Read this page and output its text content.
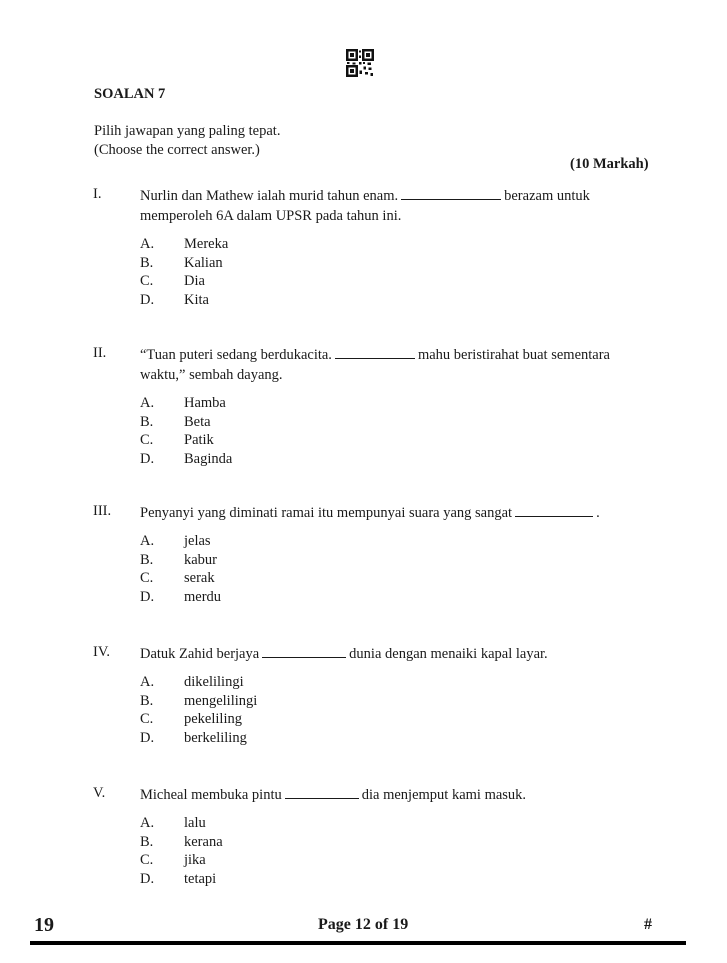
SOALAN 7
Pilih jawapan yang paling tepat.
(Choose the correct answer.)
(10 Markah)
I.	Nurlin dan Mathew ialah murid tahun enam.	berazam untuk
memperoleh 6A dalam UPSR pada tahun ini.
A. Mereka
B. Kalian
C. Dia
D. Kita
II. “Tuan puteri sedang berdukacita.	mahu beristirahat buat sementara
waktu,” sembah dayang.
A. Hamba
B. Beta
C. Patik
D. Baginda
III. Penyanyi yang diminati ramai itu mempunyai suara yang sangat	.
A. jelas
B. kabur
C. serak
D. merdu
IV. Datuk Zahid berjaya	dunia dengan menaiki kapal layar.
A. dikelilingi
B. mengelilingi
C. pekeliling
D. berkeliling
V. Micheal membuka pintu	dia menjemput kami masuk.
A. lalu
B. kerana
C. jika
D. tetapi
19	Page 12 of 19	#
